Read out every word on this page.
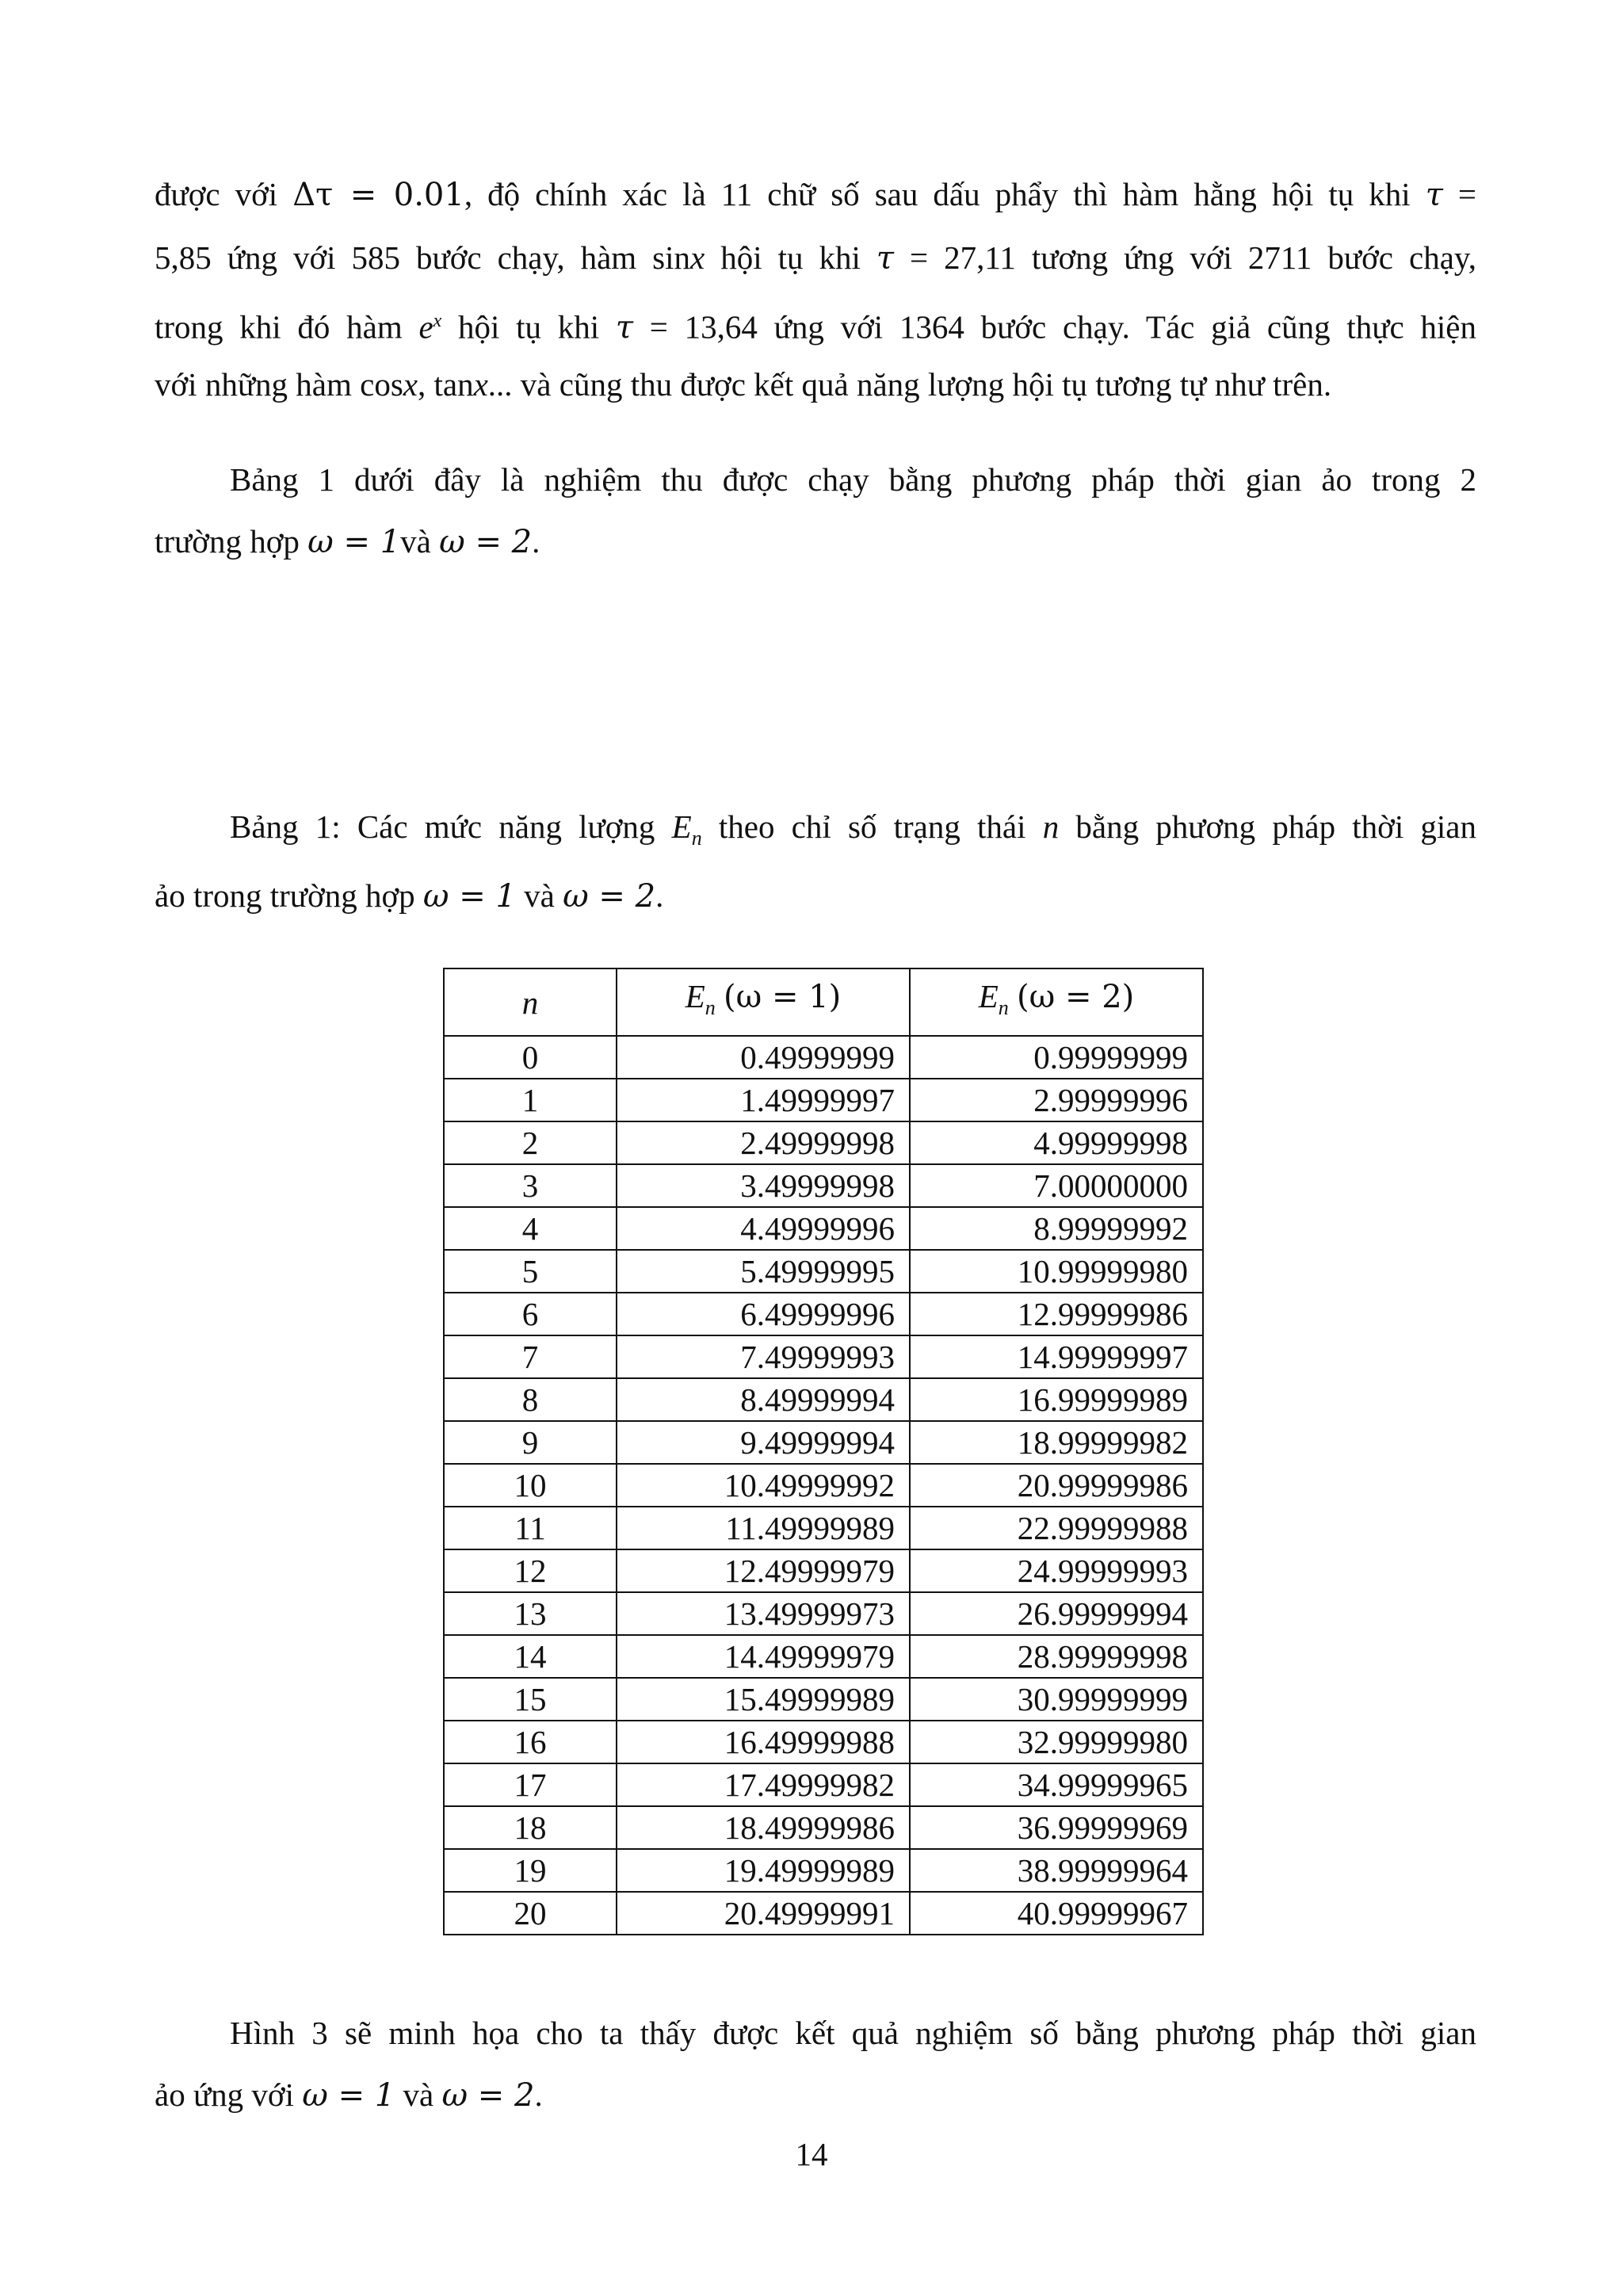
được với Δτ = 0.01, độ chính xác là 11 chữ số sau dấu phẩy thì hàm hằng hội tụ khi τ =
5,85 ứng với 585 bước chạy, hàm sinx hội tụ khi τ = 27,11 tương ứng với 2711 bước chạy,
trong khi đó hàm $e^x$ hội tụ khi τ = 13,64 ứng với 1364 bước chạy. Tác giả cũng thực hiện
với những hàm cosx, tanx... và cũng thu được kết quả năng lượng hội tụ tương tự như trên.
Bảng 1 dưới đây là nghiệm thu được chạy bằng phương pháp thời gian ảo trong 2
trường hợp ω = 1và ω = 2.
Bảng 1: Các mức năng lượng $E_n$ theo chỉ số trạng thái n bằng phương pháp thời gian
ảo trong trường hợp ω = 1 và ω = 2.
n	$E_n$ (ω = 1)	$E_n$ (ω = 2)
0	0.49999999	0.99999999
1	1.49999997	2.99999996
2	2.49999998	4.99999998
3	3.49999998	7.00000000
4	4.49999996	8.99999992
5	5.49999995	10.99999980
6	6.49999996	12.99999986
7	7.49999993	14.99999997
8	8.49999994	16.99999989
9	9.49999994	18.99999982
10	10.49999992	20.99999986
11	11.49999989	22.99999988
12	12.49999979	24.99999993
13	13.49999973	26.99999994
14	14.49999979	28.99999998
15	15.49999989	30.99999999
16	16.49999988	32.99999980
17	17.49999982	34.99999965
18	18.49999986	36.99999969
19	19.49999989	38.99999964
20	20.49999991	40.99999967
Hình 3 sẽ minh họa cho ta thấy được kết quả nghiệm số bằng phương pháp thời gian
ảo ứng với ω = 1 và ω = 2.
14
